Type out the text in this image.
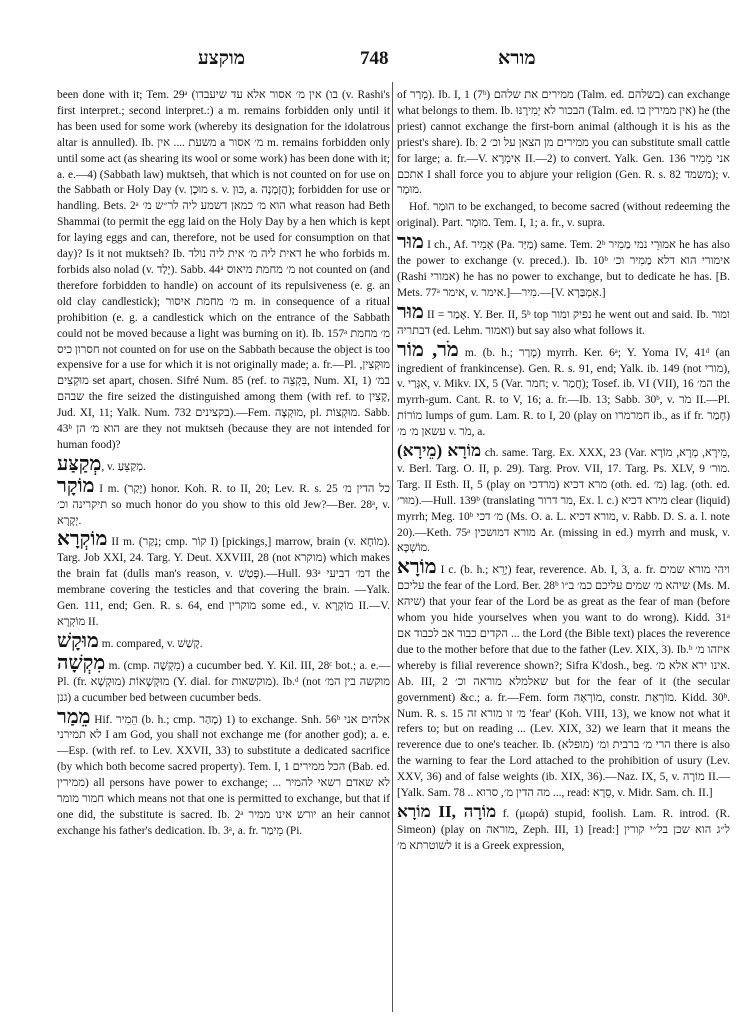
מוקצע	748	מורא

been done with it; Tem. 29ᵃ (אין מ׳ אסור אלא עד שיעבדו (בו (v. Rashi's first interpret.; second interpret.:) a m. remains forbidden only until it has been used for some work (whereby its designation for the idolatrous altar is annulled). Ib. משעת .... אין a מ׳ אסור m. remains forbidden only until some act (as shearing its wool or some work) has been done with it; a. e.—4) (Sabbath law) muktseh, that which is not counted on for use on the Sabbath or Holy Day (v. מוּכָן s. v. כּוּן, a. הֲזָמָנָה); forbidden for use or handling. Bets. 2ᵃ הוא מ׳ כמאן דשמע ליה לר״ש מ׳ what reason had Beth Shammai (to permit the egg laid on the Holy Day by a hen which is kept for laying eggs and can, therefore, not be used for consumption on that day)? Is it not muktseh? Ib. דאית ליה מ׳ אית ליה נולד he who forbids m. forbids also nolad (v. יָלַד). Sabb. 44ᵃ מ׳ מחמת מיאוס not counted on (and therefore forbidden to handle) on account of its repulsiveness (e. g. an old clay candlestick); מ׳ מחמת איסור m. in consequence of a ritual prohibition (e. g. a candlestick which on the entrance of the Sabbath could not be moved because a light was burning on it). Ib. 157ᵃ מ׳ מחמת חסרון כיס not counted on for use on the Sabbath because the object is too expensive for a use for which it is not originally made; a. fr.—Pl. מוּקְצִין, מוּקְצִים set apart, chosen. Sifré Num. 85 (ref. to בִּקְצֵה, Num. XI, 1) במ׳ שבהם the fire seized the distinguished among them (with ref. to קָצִין, Jud. XI, 11; Yalk. Num. 732 בקצינים).—Fem. מוּקְצָה, pl. מוּקְצוֹת. Sabb. 43ᵇ הוא מ׳ הן are they not muktseh (because they are not intended for human food)?

מְקַצַּע, v. מְקַצֵּעַ.

מוֹקָר I m. (יָקַר) honor. Koh. R. to II, 20; Lev. R. s. 25 כל הדין מ׳ תיקרינה וכ׳ so much honor do you show to this old Jew?—Ber. 28ᵃ, v. יְקָרָא.

מוֹקְרָא II m. (נְקַר; cmp. קוֹר I) [pickings,] marrow, brain (v. מוֹחָא). Targ. Job XXI, 24. Targ. Y. Deut. XXVIII, 28 (not מוקרא) which makes the brain fat (dulls man's reason, v. פָּטַשׁ).—Hull. 93ᵃ דמ׳ דביעי the membrane covering the testicles and that covering the brain. —Yalk. Gen. 111, end; Gen. R. s. 64, end מוקרין some ed., v. מוֹקְרָא II.—V. מוֹקְרָא II.

מוּקָשׁ m. compared, v. קָשַׁשׁ.

מִקְשָׁה m. (cmp. מִקְשָׁה) a cucumber bed. Y. Kil. III, 28ᶜ bot.; a. e.—Pl. (fr. מוּקְשָׁא) מוּקְשָׁאוֹת (Y. dial. for מוקשאות). Ib.ᵈ (not מוקשה בין המ׳ (גנן a cucumber bed between cucumber beds.

מֵמַר Hif. הֵמִיר (b. h.; cmp. מָהַר) 1) to exchange. Snh. 56ᵇ אלהים אני לא תמירני I am God, you shall not exchange me (for another god); a. e.—Esp. (with ref. to Lev. XXVII, 33) to substitute a dedicated sacrifice (by which both become sacred property). Tem. I, 1 הכל ממירים (Bab. ed. ממירין) all persons have power to exchange; לא שאדם רשאי להמיר ... חמור מומר which means not that one is permitted to exchange, but that if one did, the substitute is sacred. Ib. 2ᵃ יורש אינו ממיר an heir cannot exchange his father's dedication. Ib. 3ᵃ, a. fr. מֵימַר (Pi.

of מְרַר). Ib. I, 1 (7ᵇ) ממירים את שלהם (Talm. ed. בשלהם) can exchange what belongs to them. Ib. הבכור לא יְמִירֶנּוּ (Talm. ed. אין ממירין בו) he (the priest) cannot exchange the first-born animal (although it is his as the priest's share). Ib. 2 ממירים מן הצאן על וכ׳ you can substitute small cattle for large; a. fr.—V. אִימְרָא II.—2) to convert. Yalk. Gen. 136 אני מֵמִיר אתכם I shall force you to abjure your religion (Gen. R. s. 82 משמד); v. מוּמָר.

Hof. הוּמַר to be exchanged, to become sacred (without redeeming the original). Part. מוּמָר. Tem. I, 1; a. fr., v. supra.

מוּר I ch., Af. אַמִיר (Pa. מַיַּר) same. Tem. 2ᵇ אמוּרֵי נמי מַמִיר he has also the power to exchange (v. preced.). Ib. 10ᵇ אימורי הוא דלא מַמִיר וכ׳ (Rashi אמורי) he has no power to exchange, but to dedicate he has. [B. Mets. 77ᵃ אימר, v. אימר.]—מִיר.—[V. אִמְבַּרְא.]

מוּר II = אָמַר. Y. Ber. II, 5ᵇ top נפיק ומור he went out and said. Ib. ומור דבתריה (ed. Lehm. ואמור) but say also what follows it.

מֹר, מוֹר m. (b. h.; מָרַר) myrrh. Ker. 6ᵃ; Y. Yoma IV, 41ᵈ (an ingredient of frankincense). Gen. R. s. 91, end; Yalk. ib. 149 (not מורי), v. אִגְּרַי, v. Mikv. IX, 5 (Var. חמר; v. חֲמַר); Tosef. ib. VI (VII), 16 המ׳ the myrrh-gum. Cant. R. to V, 16; a. fr.—Ib. 13; Sabb. 30ᵇ, v. מֹר II.—Pl. מוֹרוֹת lumps of gum. Lam. R. to I, 20 (play on חמרמרו ib., as if fr. חָמַר) עשאן מ׳ מ׳ v. מֹר, a.

(מֵירָא) מוֹרָא ch. same. Targ. Ex. XXX, 23 (Var. מֵירָא, מְרָא, מוֹרָא, v. Berl. Targ. O. II, p. 29). Targ. Prov. VII, 17. Targ. Ps. XLV, 9 מוּר׳. Targ. II Esth. II, 5 (play on מרדכי) מרא דכיא (oth. ed. מ׳) lag. (oth. ed. מוּר׳).—Hull. 139ᵇ (translating מר דרור, Ex. l. c.) מירא דכיא clear (liquid) myrrh; Meg. 10ᵇ מ׳ דכי (Ms. O. a. L. מורא דכיא, v. Rabb. D. S. a. l. note 20).—Keth. 75ᵃ מורא דמושכין Ar. (missing in ed.) myrrh and musk, v. מוֹשְׁכָּא.

מוֹרָא I c. (b. h.; יָרֵא) fear, reverence. Ab. I, 3, a. fr. ויהי מורא שמים עליכם the fear of the Lord. Ber. 28ᵇ שיהא מ׳ שמים עליכם כמ׳ ב״ו (Ms. M. שיהא) that your fear of the Lord be as great as the fear of man (before whom you hide yourselves when you want to do wrong). Kidd. 31ᵃ הקדים כבוד אב לכבוד אם ... the Lord (the Bible text) places the reverence due to the mother before that due to the father (Lev. XIX, 3). Ib.ᵇ איזהו מ׳ whereby is filial reverence shown?; Sifra K'dosh., beg. אינו ירא אלא מ׳. Ab. III, 2 שאלמלא מוראה וכ׳ but for the fear of it (the secular government) &c.; a. fr.—Fem. form מוֹרְאָה, constr. מוֹרְאַת. Kidd. 30ᵇ. Num. R. s. 15 מ׳ זו מורא זה 'fear' (Koh. VIII, 13), we know not what it refers to; but on reading ... (Lev. XIX, 32) we learn that it means the reverence due to one's teacher. Ib. הרי מ׳ ברבית ומ׳ (מופלא) there is also the warning to fear the Lord attached to the prohibition of usury (Lev. XXV, 36) and of false weights (ib. XIX, 36).—Naz. IX, 5, v. מוֹרָה II.—[Yalk. Sam. 78 .. מה הדין מ׳, סרוא ..., read: סֵרָא, v. Midr. Sam. ch. II.]

מוֹרָא II, מוֹרָה f. (μωρά) stupid, foolish. Lam. R. introd. (R. Simeon) (play on מוראה, Zeph. III, 1) [read:] ל״ג הוא שכן בל״י קורין לשוטרתא מ׳ it is a Greek expression,
